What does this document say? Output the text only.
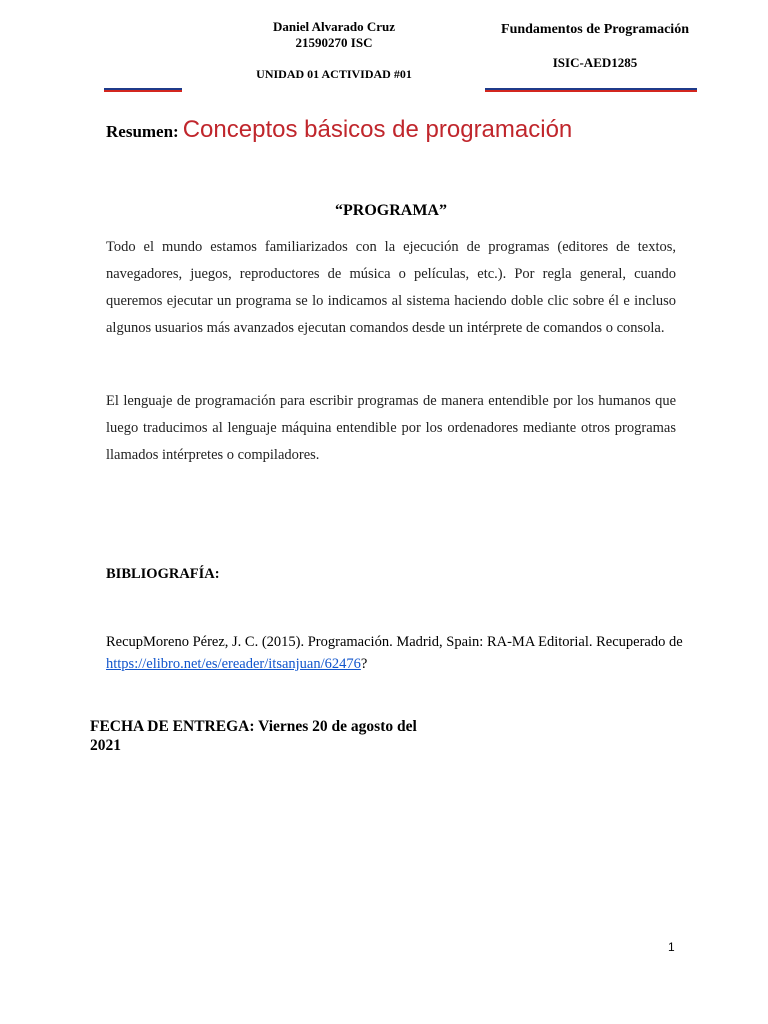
Daniel Alvarado Cruz
21590270 ISC
UNIDAD 01 ACTIVIDAD #01
Fundamentos de Programación
ISIC-AED1285
Resumen: Conceptos básicos de programación
“PROGRAMA”
Todo el mundo estamos familiarizados con la ejecución de programas (editores de textos, navegadores, juegos, reproductores de música o películas, etc.). Por regla general, cuando queremos ejecutar un programa se lo indicamos al sistema haciendo doble clic sobre él e incluso algunos usuarios más avanzados ejecutan comandos desde un intérprete de comandos o consola.
El lenguaje de programación para escribir programas de manera entendible por los humanos que luego traducimos al lenguaje máquina entendible por los ordenadores mediante otros programas llamados intérpretes o compiladores.
BIBLIOGRAFÍA:
RecupMoreno Pérez, J. C. (2015). Programación. Madrid, Spain: RA-MA Editorial. Recuperado de https://elibro.net/es/ereader/itsanjuan/62476?
FECHA DE ENTREGA: Viernes 20 de agosto del 2021
1
